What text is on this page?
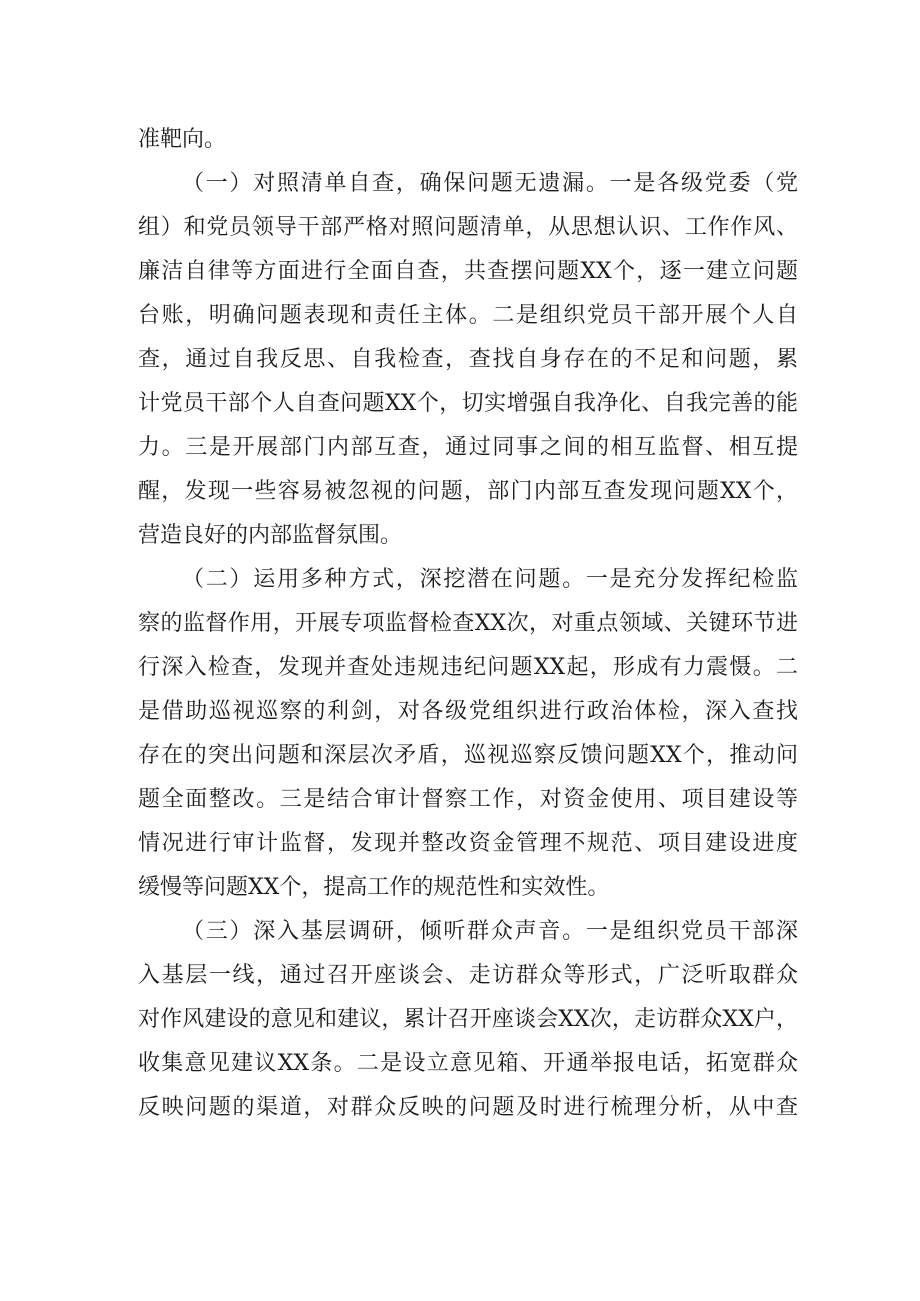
准靶向。
（一）对照清单自查，确保问题无遗漏。一是各级党委（党
组）和党员领导干部严格对照问题清单，从思想认识、工作作风、
廉洁自律等方面进行全面自查，共查摆问题XX个，逐一建立问题
台账，明确问题表现和责任主体。二是组织党员干部开展个人自
查，通过自我反思、自我检查，查找自身存在的不足和问题，累
计党员干部个人自查问题XX个，切实增强自我净化、自我完善的能
力。三是开展部门内部互查，通过同事之间的相互监督、相互提
醒，发现一些容易被忽视的问题，部门内部互查发现问题XX个，
营造良好的内部监督氛围。
（二）运用多种方式，深挖潜在问题。一是充分发挥纪检监
察的监督作用，开展专项监督检查XX次，对重点领域、关键环节进
行深入检查，发现并查处违规违纪问题XX起，形成有力震慑。二
是借助巡视巡察的利剑，对各级党组织进行政治体检，深入查找
存在的突出问题和深层次矛盾，巡视巡察反馈问题XX个，推动问
题全面整改。三是结合审计督察工作，对资金使用、项目建设等
情况进行审计监督，发现并整改资金管理不规范、项目建设进度
缓慢等问题XX个，提高工作的规范性和实效性。
（三）深入基层调研，倾听群众声音。一是组织党员干部深
入基层一线，通过召开座谈会、走访群众等形式，广泛听取群众
对作风建设的意见和建议，累计召开座谈会XX次，走访群众XX户，
收集意见建议XX条。二是设立意见箱、开通举报电话，拓宽群众
反映问题的渠道，对群众反映的问题及时进行梳理分析，从中查
